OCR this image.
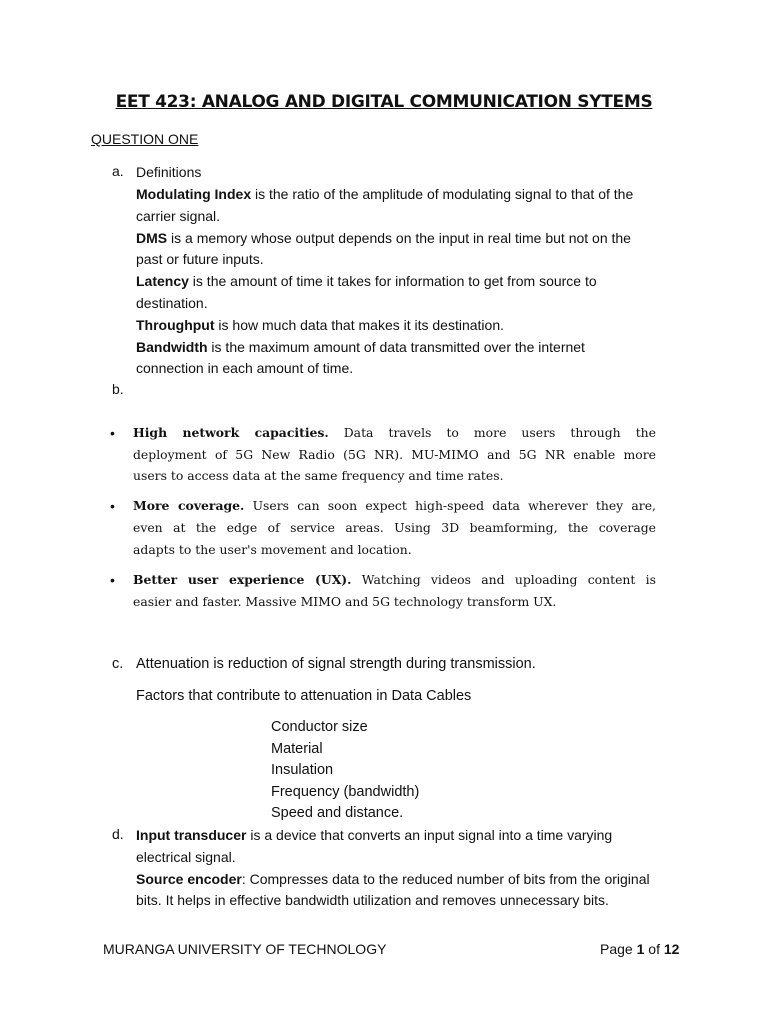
EET 423: ANALOG AND DIGITAL COMMUNICATION SYTEMS
QUESTION ONE
a. Definitions
Modulating Index is the ratio of the amplitude of modulating signal to that of the
carrier signal.
DMS is a memory whose output depends on the input in real time but not on the
past or future inputs.
Latency is the amount of time it takes for information to get from source to
destination.
Throughput is how much data that makes it its destination.
Bandwidth is the maximum amount of data transmitted over the internet
connection in each amount of time.
b.
• High network capacities. Data travels to more users through the
deployment of 5G New Radio (5G NR). MU-MIMO and 5G NR enable more
users to access data at the same frequency and time rates.
• More coverage. Users can soon expect high-speed data wherever they are,
even at the edge of service areas. Using 3D beamforming, the coverage
adapts to the user's movement and location.
• Better user experience (UX). Watching videos and uploading content is
easier and faster. Massive MIMO and 5G technology transform UX.
c. Attenuation is reduction of signal strength during transmission.
Factors that contribute to attenuation in Data Cables
Conductor size
Material
Insulation
Frequency (bandwidth)
Speed and distance.
d. Input transducer is a device that converts an input signal into a time varying
electrical signal.
Source encoder: Compresses data to the reduced number of bits from the original
bits. It helps in effective bandwidth utilization and removes unnecessary bits.
MURANGA UNIVERSITY OF TECHNOLOGY	Page 1 of 12
